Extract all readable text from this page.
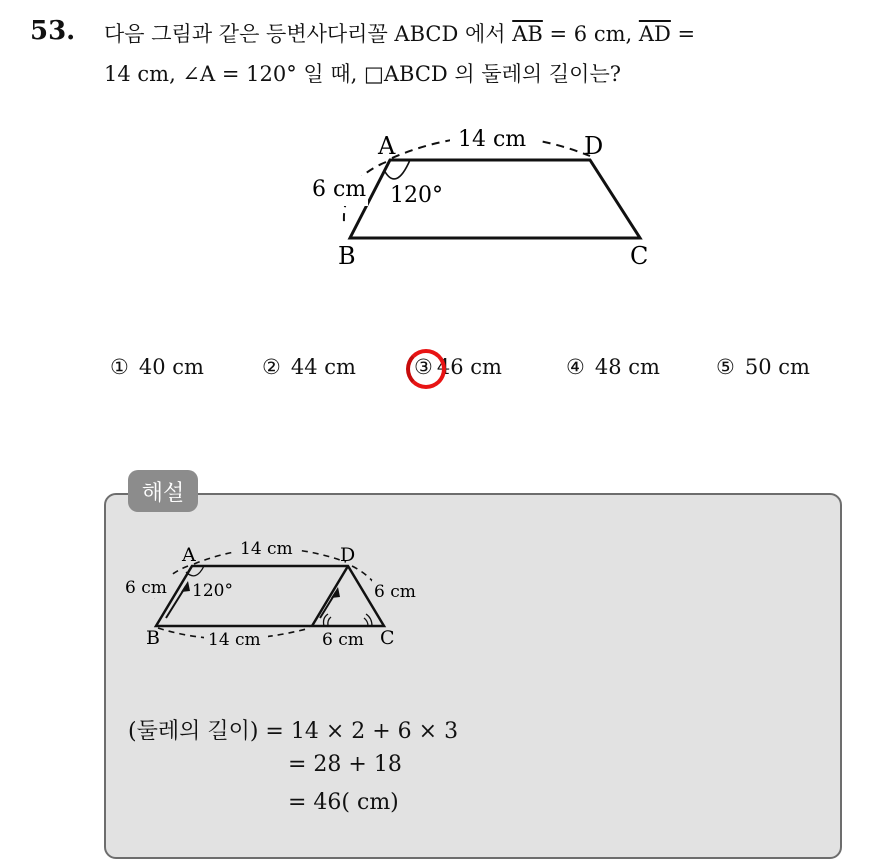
53. 다음 그림과 같은 등변사다리꼴 ABCD 에서 $\overline{AB} = 6$ cm, $\overline{AD}$ =
14 cm, ∠A = 120° 일 때, □ABCD 의 둘레의 길이는?
14 cm
6 cm 120°
A	D
B	C
① 40 cm	② 44 cm	③ 46 cm	④ 48 cm	⑤ 50 cm
해설
14 cm
6 cm	6 cm
14 cm	6 cm
120°
A	D
B	C
(둘레의 길이) = 14 × 2 + 6 × 3
= 28 + 18
= 46( cm)
